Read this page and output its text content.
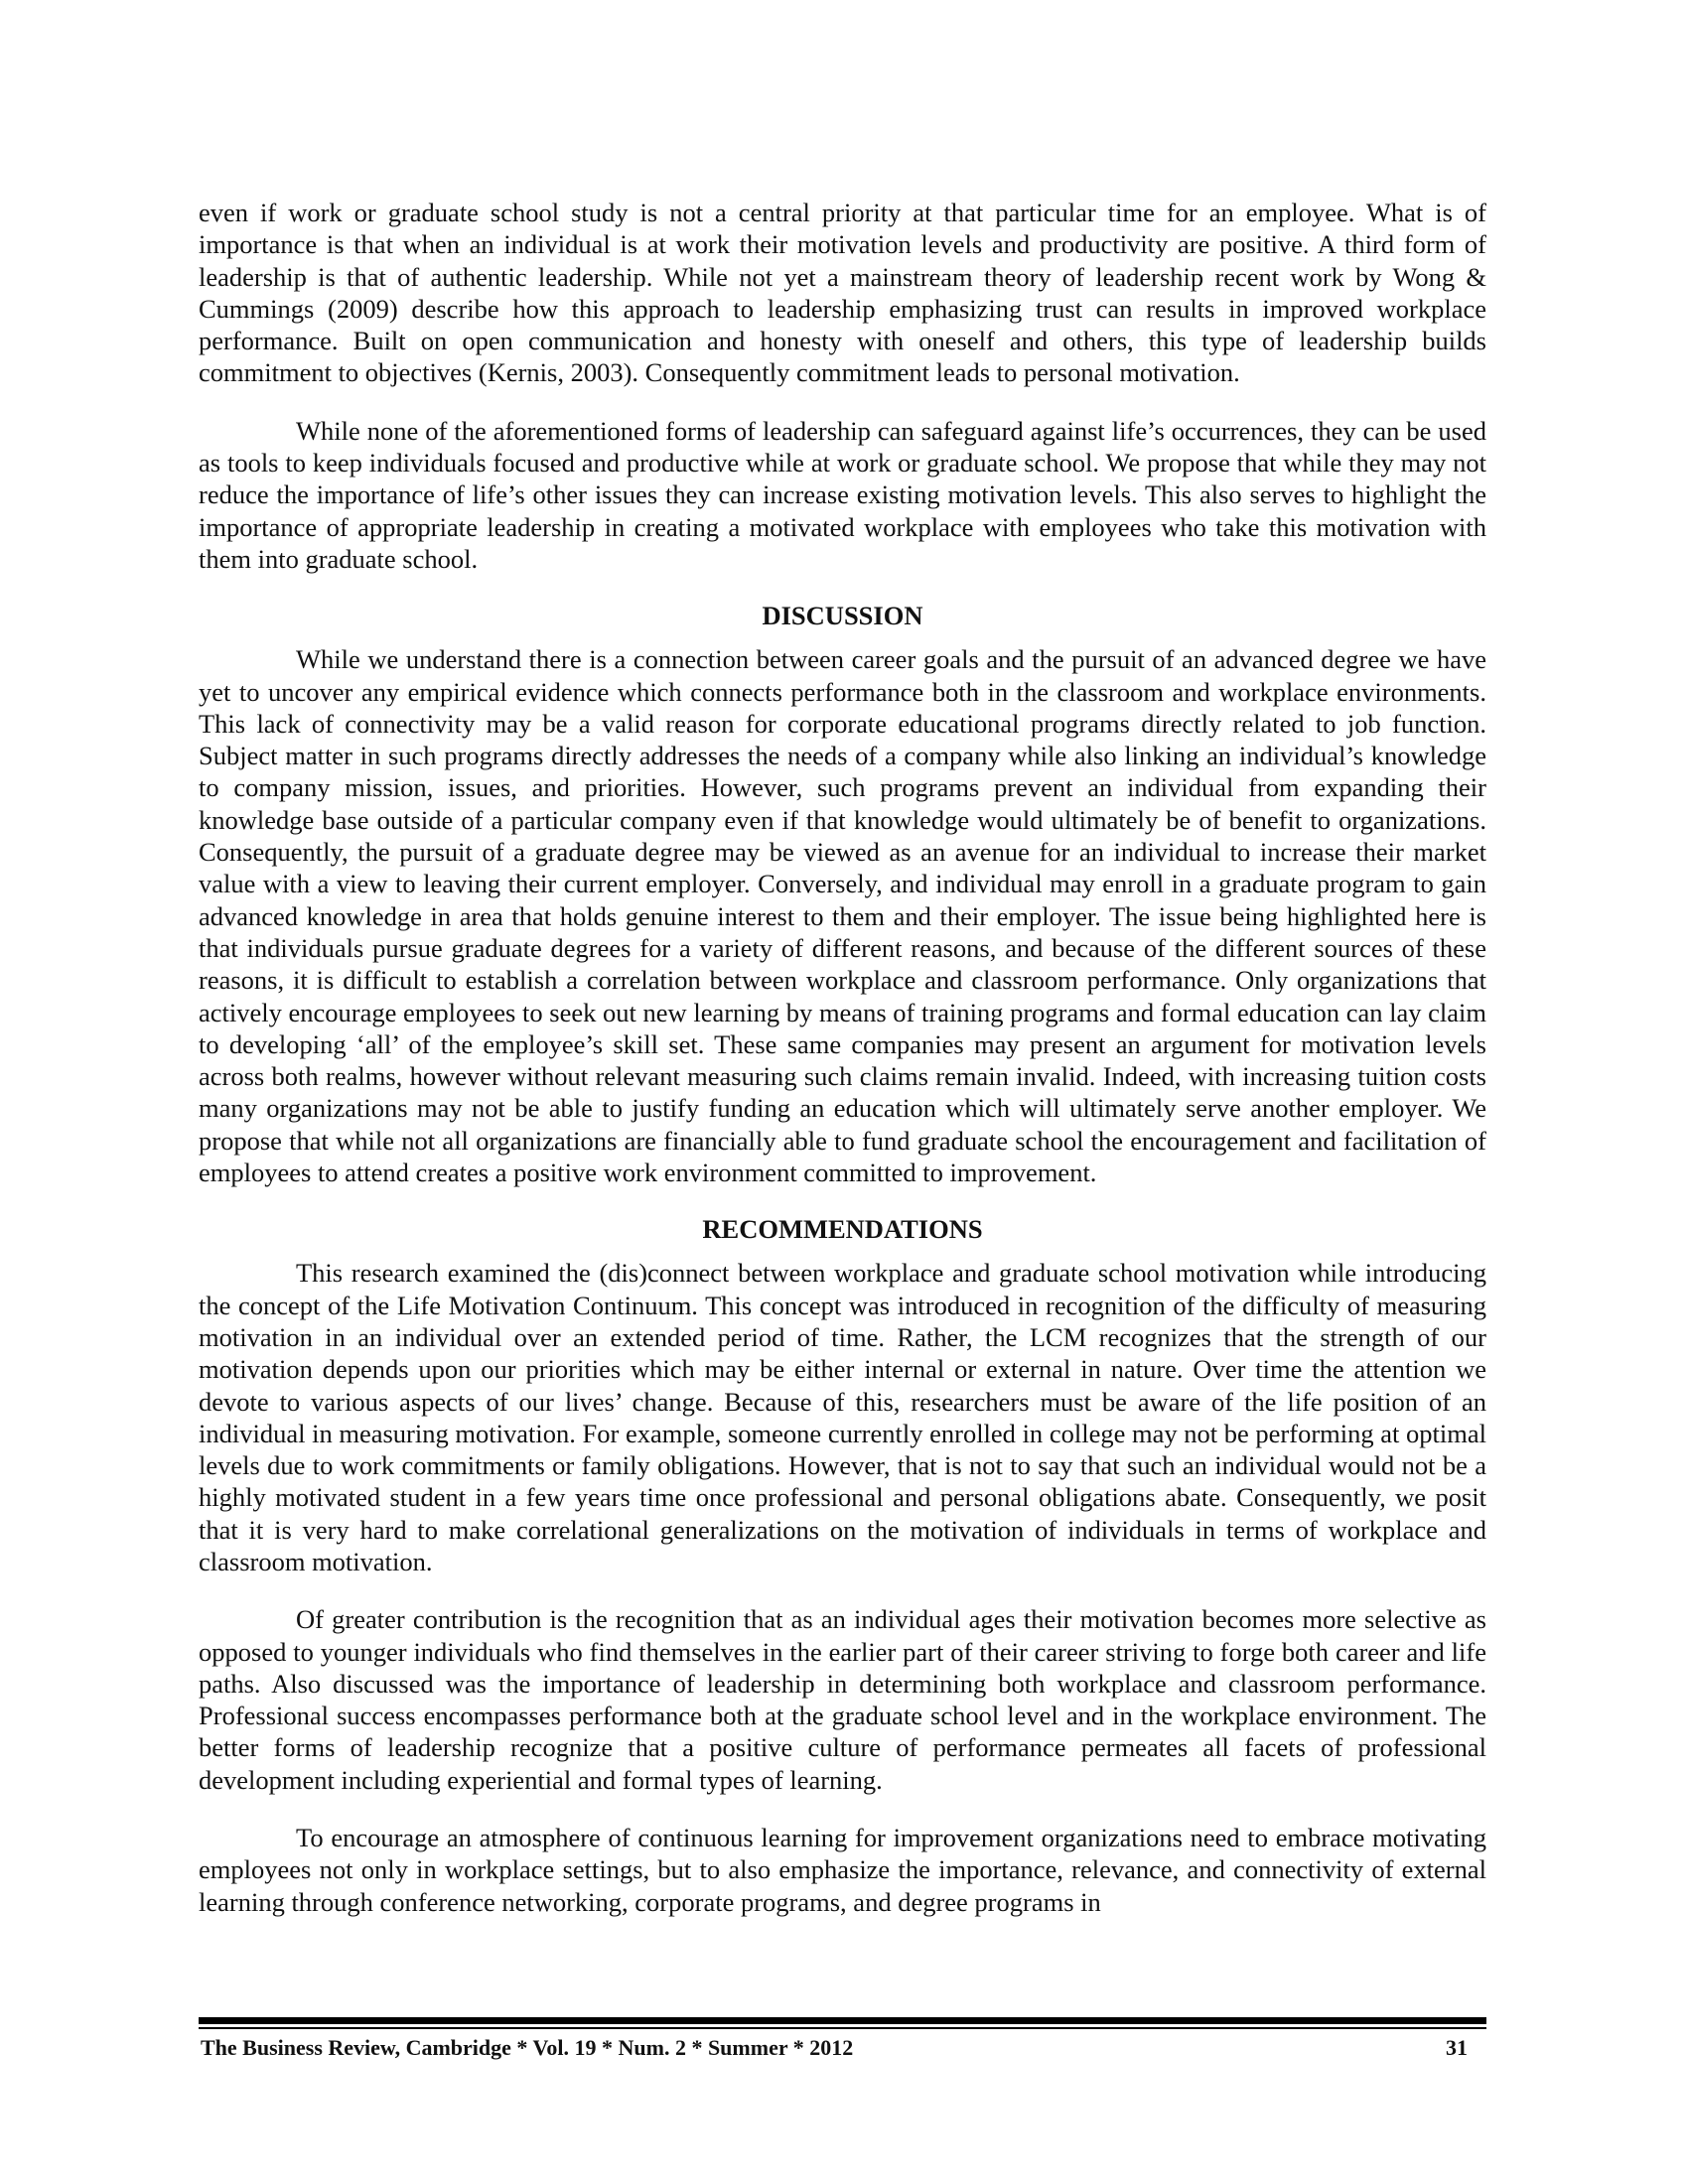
even if work or graduate school study is not a central priority at that particular time for an employee. What is of importance is that when an individual is at work their motivation levels and productivity are positive. A third form of leadership is that of authentic leadership. While not yet a mainstream theory of leadership recent work by Wong & Cummings (2009) describe how this approach to leadership emphasizing trust can results in improved workplace performance. Built on open communication and honesty with oneself and others, this type of leadership builds commitment to objectives (Kernis, 2003). Consequently commitment leads to personal motivation.

While none of the aforementioned forms of leadership can safeguard against life’s occurrences, they can be used as tools to keep individuals focused and productive while at work or graduate school. We propose that while they may not reduce the importance of life’s other issues they can increase existing motivation levels. This also serves to highlight the importance of appropriate leadership in creating a motivated workplace with employees who take this motivation with them into graduate school.

DISCUSSION

While we understand there is a connection between career goals and the pursuit of an advanced degree we have yet to uncover any empirical evidence which connects performance both in the classroom and workplace environments. This lack of connectivity may be a valid reason for corporate educational programs directly related to job function. Subject matter in such programs directly addresses the needs of a company while also linking an individual’s knowledge to company mission, issues, and priorities. However, such programs prevent an individual from expanding their knowledge base outside of a particular company even if that knowledge would ultimately be of benefit to organizations. Consequently, the pursuit of a graduate degree may be viewed as an avenue for an individual to increase their market value with a view to leaving their current employer. Conversely, and individual may enroll in a graduate program to gain advanced knowledge in area that holds genuine interest to them and their employer. The issue being highlighted here is that individuals pursue graduate degrees for a variety of different reasons, and because of the different sources of these reasons, it is difficult to establish a correlation between workplace and classroom performance. Only organizations that actively encourage employees to seek out new learning by means of training programs and formal education can lay claim to developing ‘all’ of the employee’s skill set. These same companies may present an argument for motivation levels across both realms, however without relevant measuring such claims remain invalid. Indeed, with increasing tuition costs many organizations may not be able to justify funding an education which will ultimately serve another employer. We propose that while not all organizations are financially able to fund graduate school the encouragement and facilitation of employees to attend creates a positive work environment committed to improvement.

RECOMMENDATIONS

This research examined the (dis)connect between workplace and graduate school motivation while introducing the concept of the Life Motivation Continuum. This concept was introduced in recognition of the difficulty of measuring motivation in an individual over an extended period of time. Rather, the LCM recognizes that the strength of our motivation depends upon our priorities which may be either internal or external in nature. Over time the attention we devote to various aspects of our lives’ change. Because of this, researchers must be aware of the life position of an individual in measuring motivation. For example, someone currently enrolled in college may not be performing at optimal levels due to work commitments or family obligations. However, that is not to say that such an individual would not be a highly motivated student in a few years time once professional and personal obligations abate. Consequently, we posit that it is very hard to make correlational generalizations on the motivation of individuals in terms of workplace and classroom motivation.

Of greater contribution is the recognition that as an individual ages their motivation becomes more selective as opposed to younger individuals who find themselves in the earlier part of their career striving to forge both career and life paths. Also discussed was the importance of leadership in determining both workplace and classroom performance. Professional success encompasses performance both at the graduate school level and in the workplace environment. The better forms of leadership recognize that a positive culture of performance permeates all facets of professional development including experiential and formal types of learning.

To encourage an atmosphere of continuous learning for improvement organizations need to embrace motivating employees not only in workplace settings, but to also emphasize the importance, relevance, and connectivity of external learning through conference networking, corporate programs, and degree programs in

The Business Review, Cambridge * Vol. 19 * Num. 2 * Summer * 2012	31
